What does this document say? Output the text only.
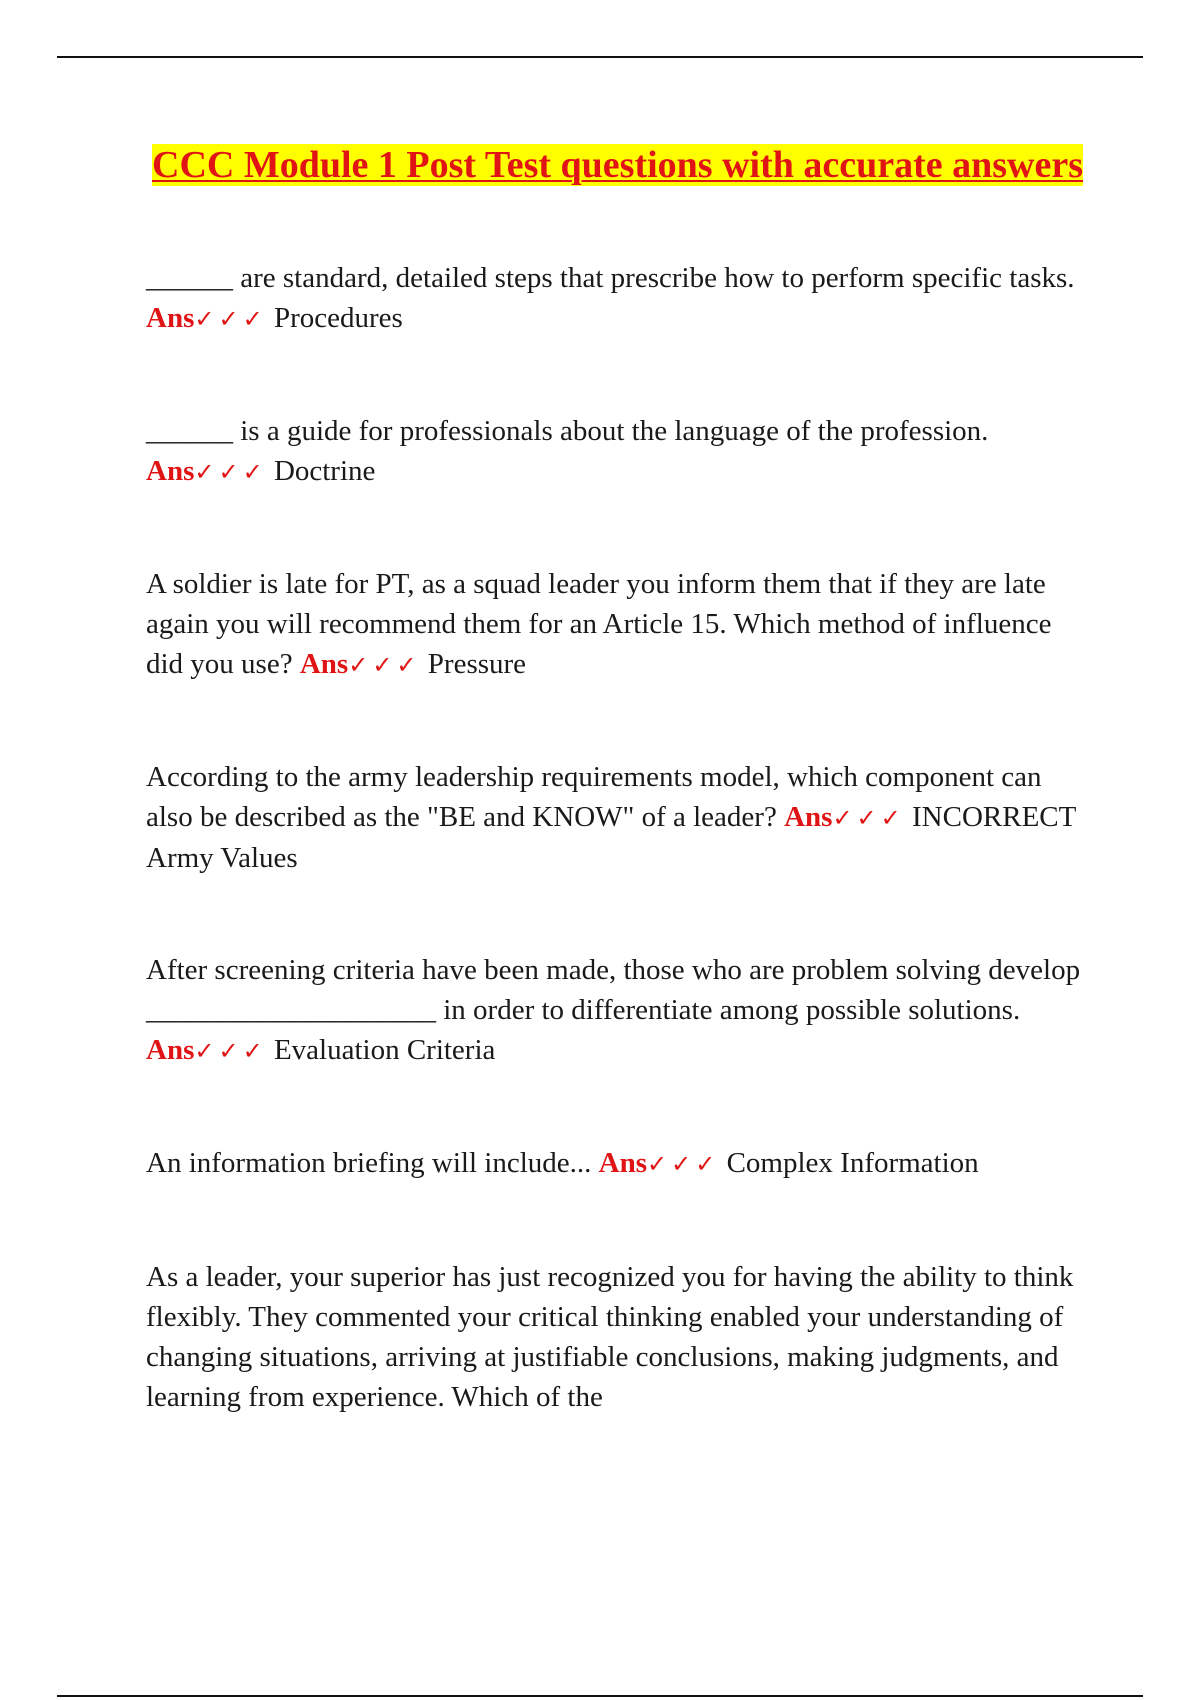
CCC Module 1 Post Test questions with accurate answers

______ are standard, detailed steps that prescribe how to perform specific tasks. Ans✓✓✓ Procedures

______ is a guide for professionals about the language of the profession. Ans✓✓✓ Doctrine

A soldier is late for PT, as a squad leader you inform them that if they are late again you will recommend them for an Article 15. Which method of influence did you use? Ans✓✓✓ Pressure

According to the army leadership requirements model, which component can also be described as the "BE and KNOW" of a leader? Ans✓✓✓ INCORRECT Army Values

After screening criteria have been made, those who are problem solving develop ____________________ in order to differentiate among possible solutions. Ans✓✓✓ Evaluation Criteria

An information briefing will include... Ans✓✓✓ Complex Information

As a leader, your superior has just recognized you for having the ability to think flexibly. They commented your critical thinking enabled your understanding of changing situations, arriving at justifiable conclusions, making judgments, and learning from experience. Which of the
